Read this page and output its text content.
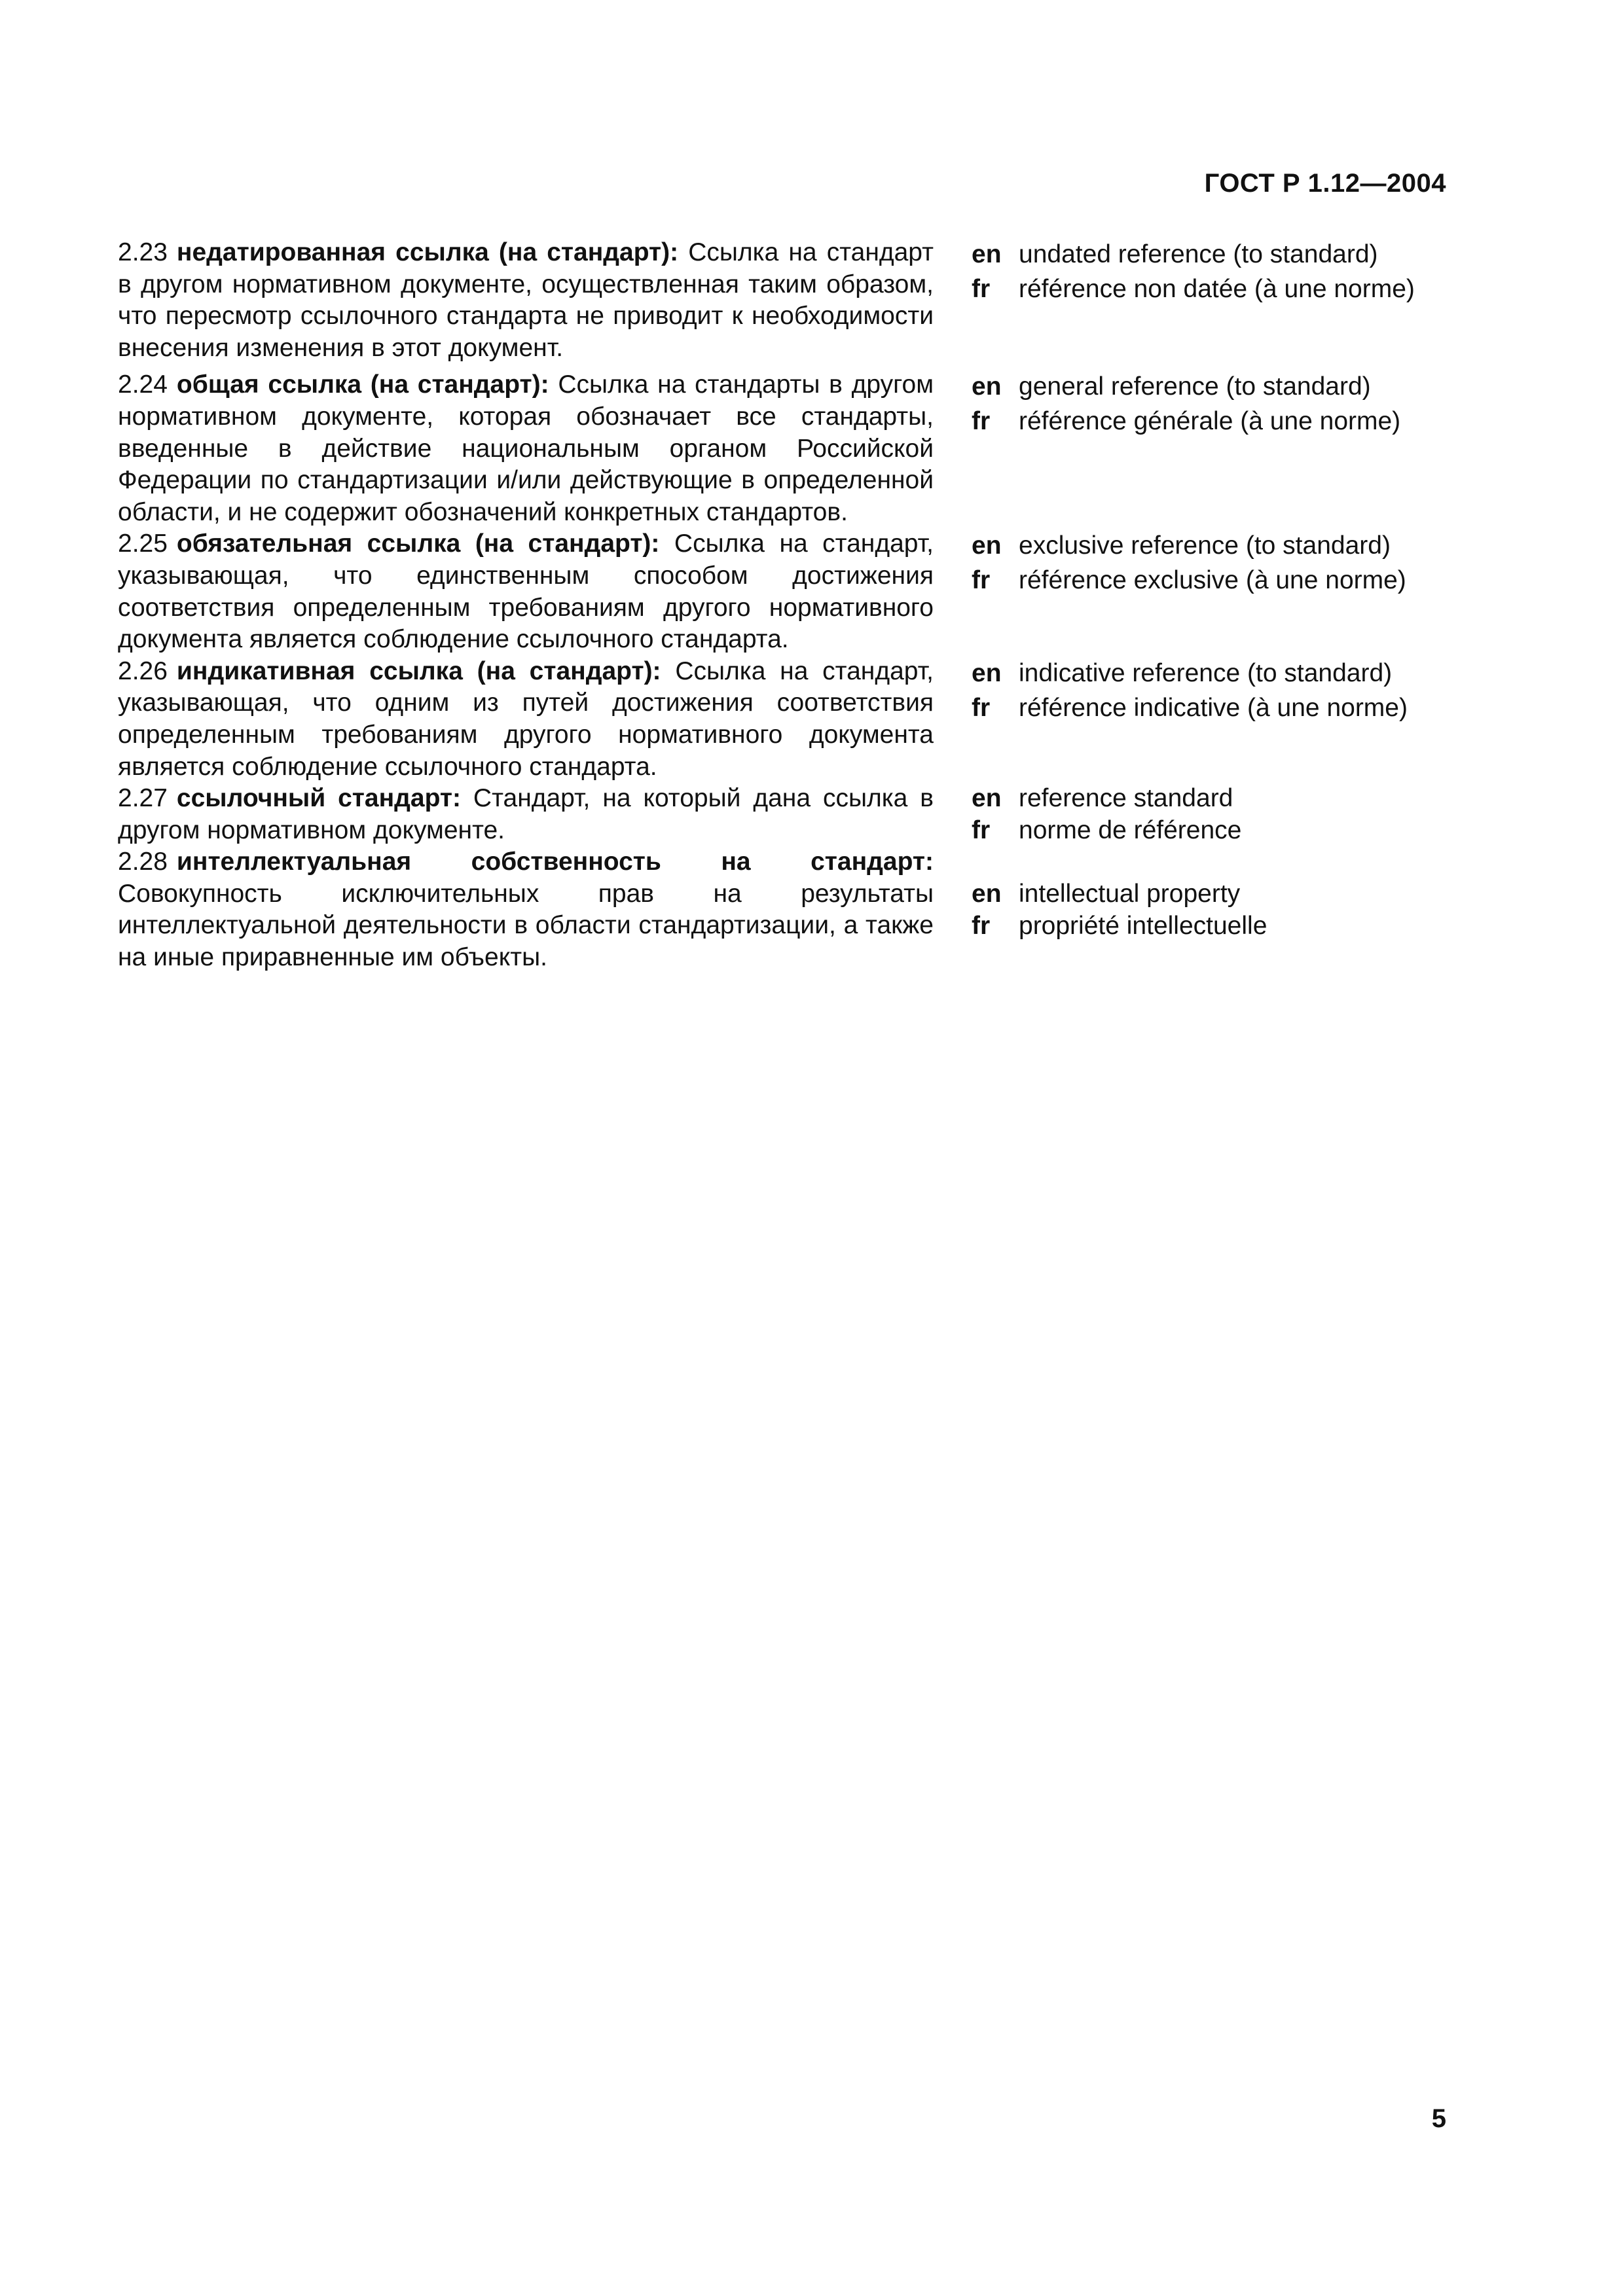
ГОСТ Р 1.12—2004
2.23 недатированная ссылка (на стандарт): Ссылка на стандарт в другом нормативном документе, осуществленная таким образом, что пересмотр ссылочного стандарта не приводит к необходимости внесения изменения в этот документ.
en undated reference (to standard)
fr	référence non datée (à une norme)
2.24 общая ссылка (на стандарт): Ссылка на стандарты в другом нормативном документе, которая обозначает все стандарты, введенные в действие национальным органом Российской Федерации по стандартизации и/или действующие в определенной области, и не содержит обозначений конкретных стандартов.
en general reference (to standard)
fr	référence générale (à une norme)
2.25 обязательная ссылка (на стандарт): Ссылка на стандарт, указывающая, что единственным способом достижения соответствия определенным требованиям другого нормативного документа является соблюдение ссылочного стандарта.
en exclusive reference (to standard)
fr	référence exclusive (à une norme)
2.26 индикативная ссылка (на стандарт): Ссылка на стандарт, указывающая, что одним из путей достижения соответствия определенным требованиям другого нормативного документа является соблюдение ссылочного стандарта.
en indicative reference (to standard)
fr	référence indicative (à une norme)
2.27 ссылочный стандарт: Стандарт, на который дана ссылка в другом нормативном документе.
en reference standard
fr	norme de référence
2.28 интеллектуальная собственность на стандарт: Совокупность исключительных прав на результаты интеллектуальной деятельности в области стандартизации, а также на иные приравненные им объекты.
en intellectual property
fr	propriété intellectuelle
5
